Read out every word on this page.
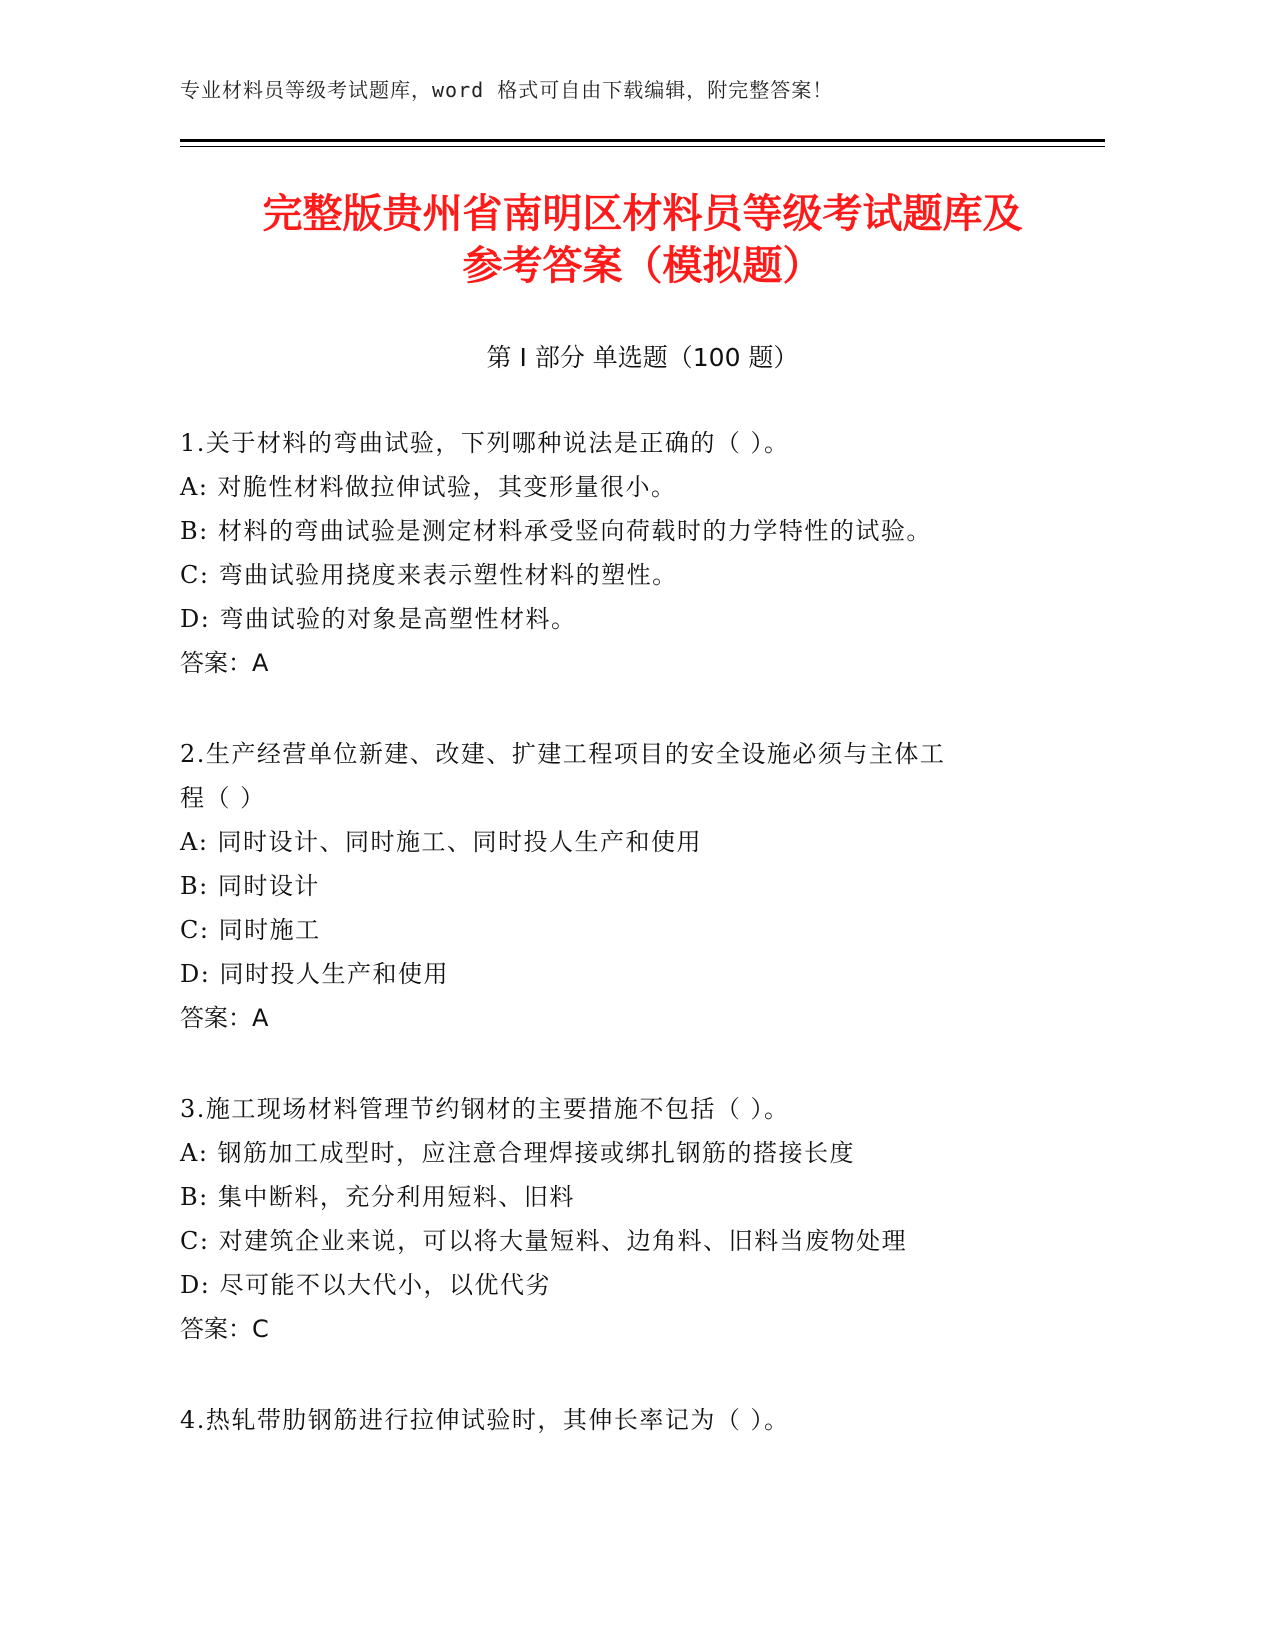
专业材料员等级考试题库，word 格式可自由下载编辑，附完整答案！
完整版贵州省南明区材料员等级考试题库及
参考答案（模拟题）
第 I 部分 单选题（100 题）
1.关于材料的弯曲试验，下列哪种说法是正确的（ ）。
A: 对脆性材料做拉伸试验，其变形量很小。
B: 材料的弯曲试验是测定材料承受竖向荷载时的力学特性的试验。
C: 弯曲试验用挠度来表示塑性材料的塑性。
D: 弯曲试验的对象是高塑性材料。
答案：A
2.生产经营单位新建、改建、扩建工程项目的安全设施必须与主体工
程（ ）
A: 同时设计、同时施工、同时投人生产和使用
B: 同时设计
C: 同时施工
D: 同时投人生产和使用
答案：A
3.施工现场材料管理节约钢材的主要措施不包括（ ）。
A: 钢筋加工成型时，应注意合理焊接或绑扎钢筋的搭接长度
B: 集中断料，充分利用短料、旧料
C: 对建筑企业来说，可以将大量短料、边角料、旧料当废物处理
D: 尽可能不以大代小，以优代劣
答案：C
4.热轧带肋钢筋进行拉伸试验时，其伸长率记为（ ）。
